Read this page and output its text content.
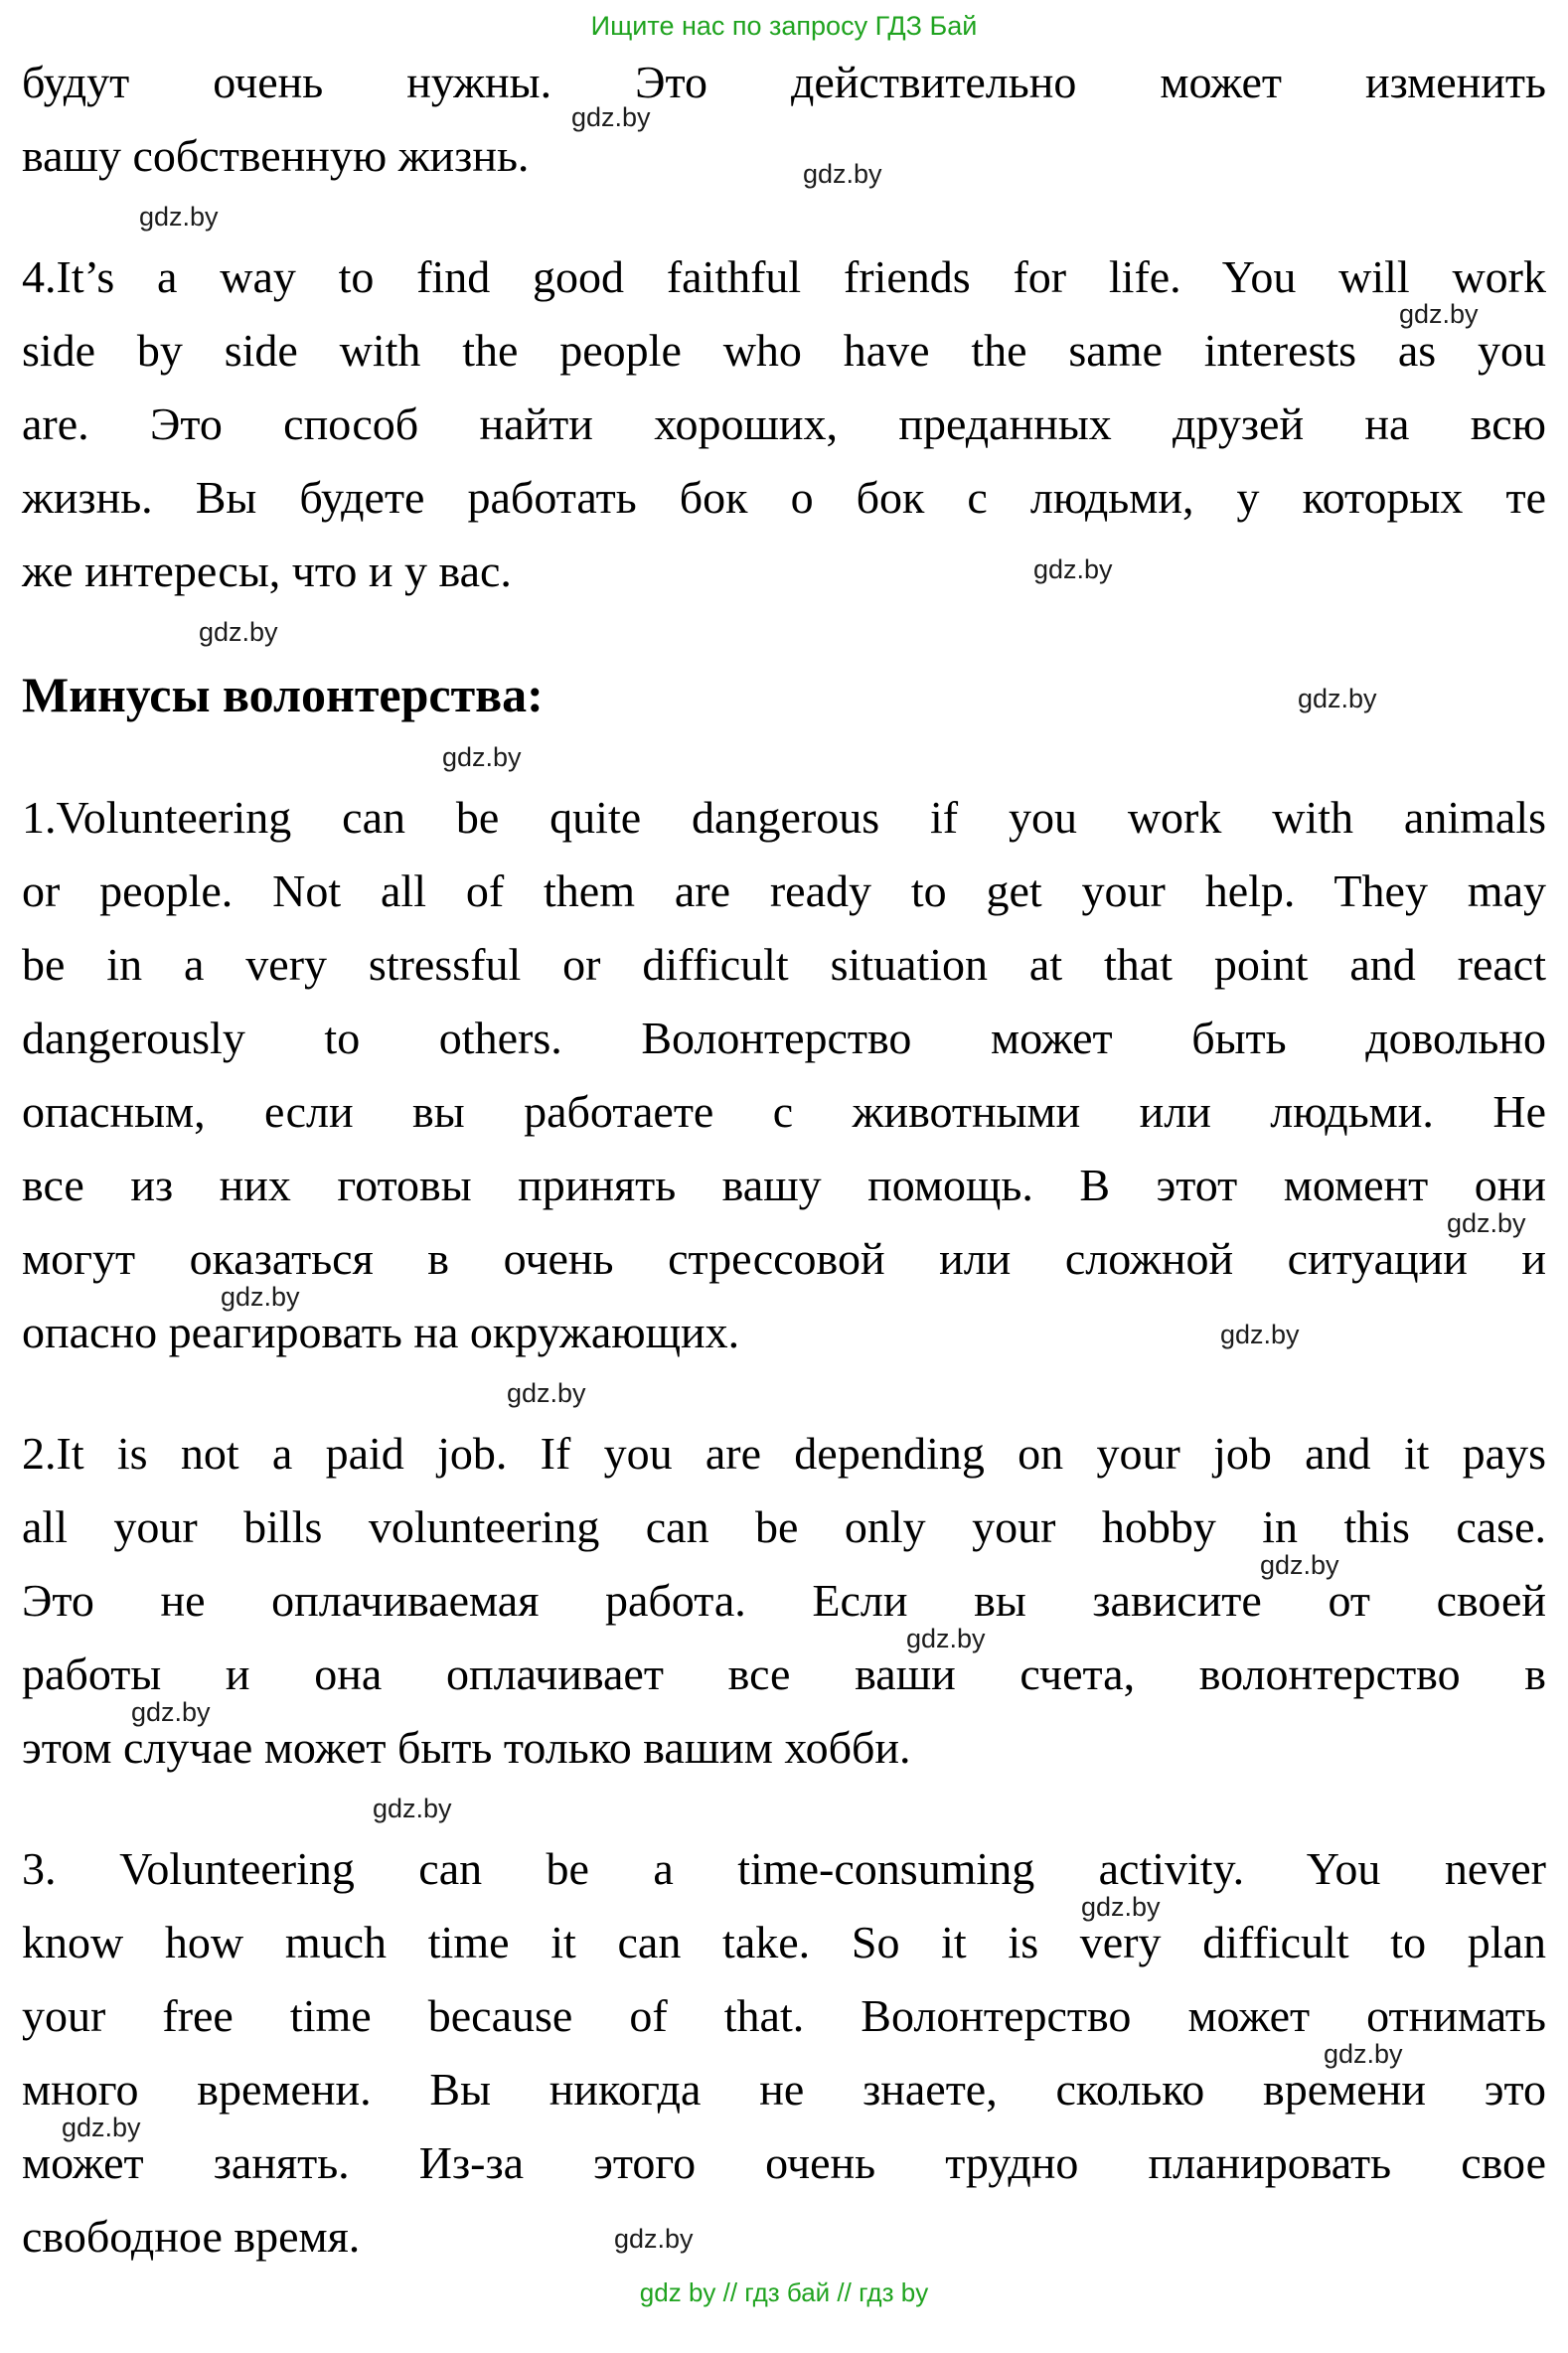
Ищите нас по запросу ГДЗ Бай
будут очень нужны. Это действительно может изменить
вашу собственную жизнь.
gdz.by
4.It’s a way to find good faithful friends for life. You will work
side by side with the people who have the same interests as you
are. Это способ найти хороших, преданных друзей на всю
жизнь. Вы будете работать бок о бок с людьми, у которых те
же интересы, что и у вас.
gdz.by
Минусы волонтерства:
gdz.by
1.Volunteering can be quite dangerous if you work with animals
or people. Not all of them are ready to get your help. They may
be in a very stressful or difficult situation at that point and react
dangerously to others. Волонтерство может быть довольно
опасным, если вы работаете с животными или людьми. Не
все из них готовы принять вашу помощь. В этот момент они
могут оказаться в очень стрессовой или сложной ситуации и
опасно реагировать на окружающих.
gdz.by
2.It is not a paid job. If you are depending on your job and it pays
all your bills volunteering can be only your hobby in this case.
Это не оплачиваемая работа. Если вы зависите от своей
работы и она оплачивает все ваши счета, волонтерство в
этом случае может быть только вашим хобби.
gdz.by
3. Volunteering can be a time-consuming activity. You never
know how much time it can take. So it is very difficult to plan
your free time because of that. Волонтерство может отнимать
много времени. Вы никогда не знаете, сколько времени это
может занять. Из-за этого очень трудно планировать свое
свободное время.
gdz.by
gdz.by
gdz.by
gdz.by
gdz.by
gdz.by
gdz.by
gdz.by
gdz.by
gdz.by
gdz.by
gdz.by
gdz.by
gdz.by
gdz.by
gdz by // гдз бай // гдз by
